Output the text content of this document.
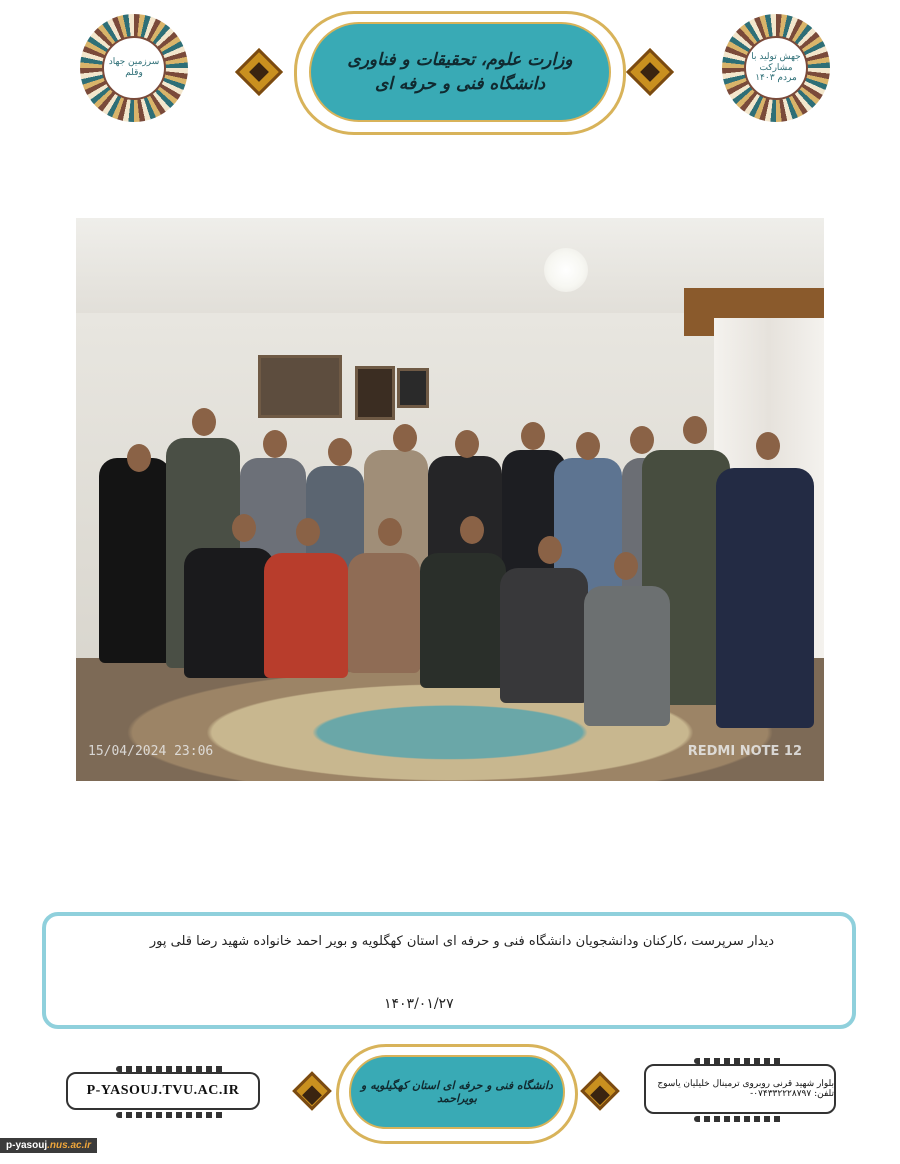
سرزمین جهاد وقلم
وزارت علوم، تحقیقات و فناوری
دانشگاه فنی و حرفه ای
جهش تولید با مشارکت مردم ۱۴۰۳
15/04/2024 23:06	REDMI NOTE 12
دیدار سرپرست ،کارکنان ودانشجویان دانشگاه فنی و حرفه ای استان کهگلویه و بویر احمد خانواده شهید رضا قلی پور
۱۴۰۳/۰۱/۲۷
P-YASOUJ.TVU.AC.IR	دانشگاه فنی و حرفه ای استان کهگیلویه و بویراحمد
بلوار شهید قرنی روبروی ترمینال خلیلیان یاسوج تلفن: ۰۷۴۳۳۲۲۲۸۷۹۷-
p-yasouj.nus.ac.ir
